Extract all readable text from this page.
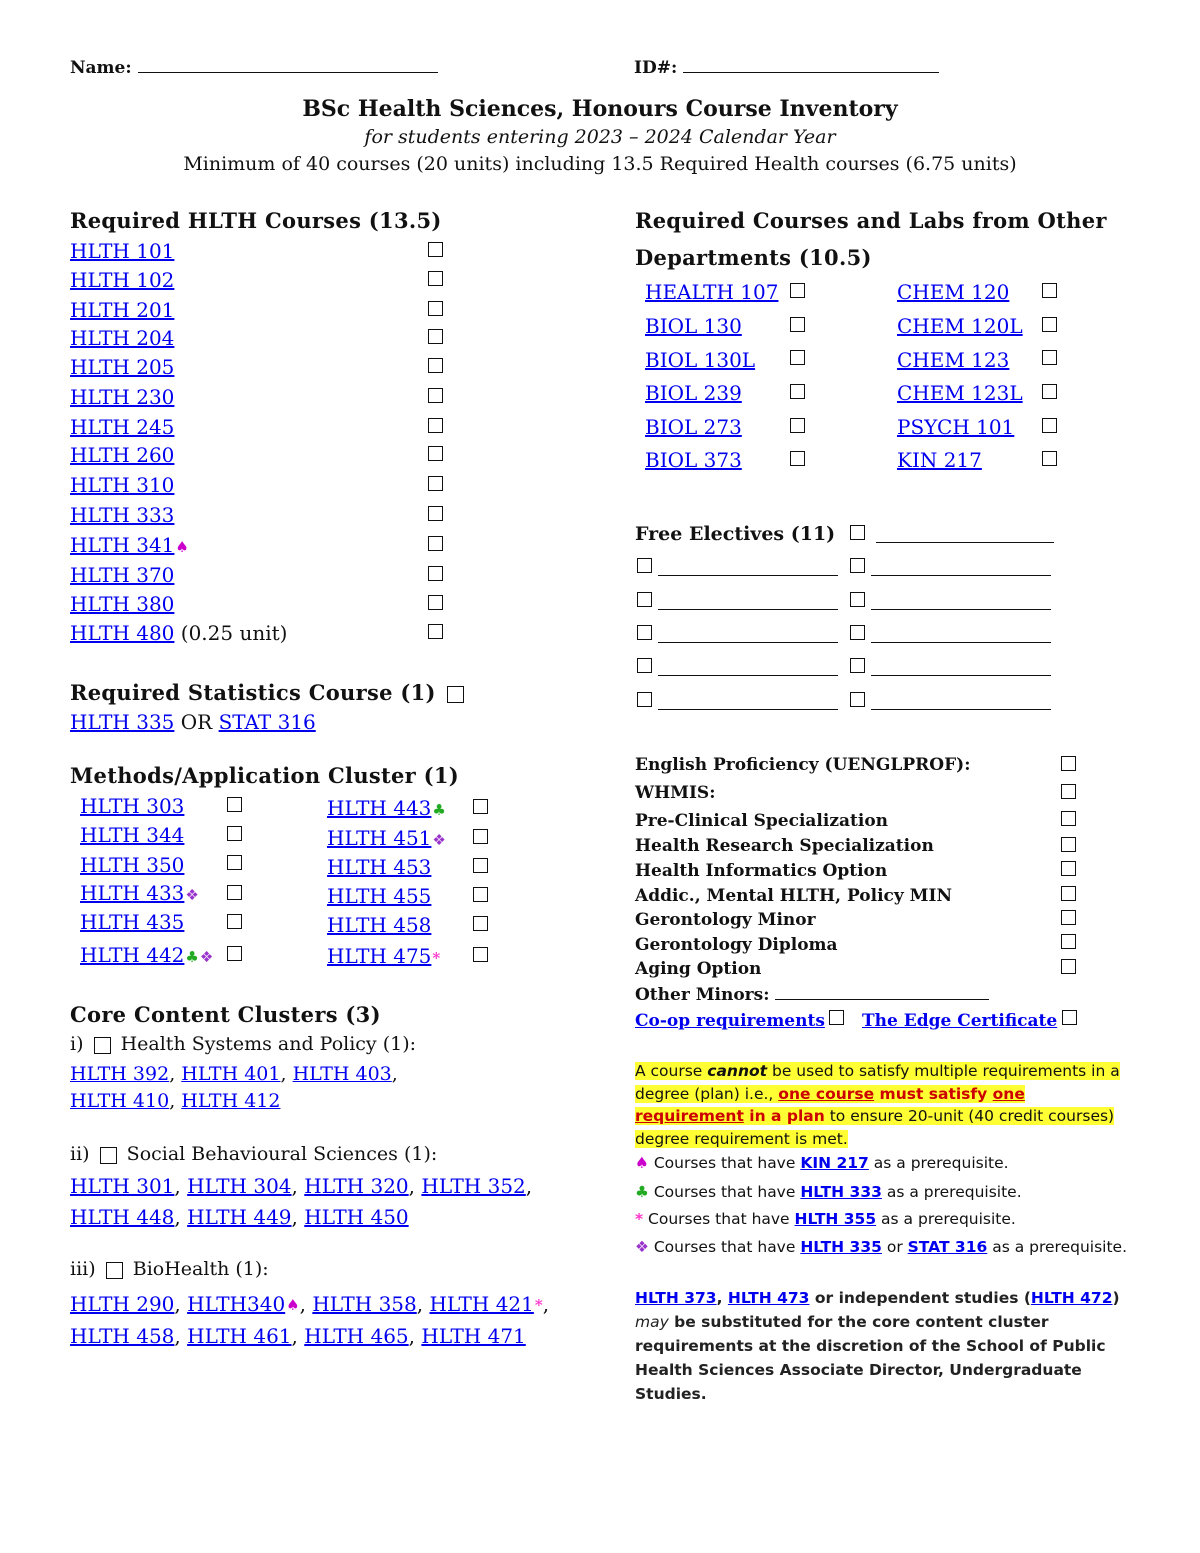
Name:	ID#:
BSc Health Sciences, Honours Course Inventory
for students entering 2023 – 2024 Calendar Year
Minimum of 40 courses (20 units) including 13.5 Required Health courses (6.75 units)
Required HLTH Courses (13.5)
HLTH 101
HLTH 102
HLTH 201
HLTH 204
HLTH 205
HLTH 230
HLTH 245
HLTH 260
HLTH 310
HLTH 333
HLTH 341♠
HLTH 370
HLTH 380
HLTH 480 (0.25 unit)
Required Statistics Course (1)
HLTH 335 OR STAT 316
Methods/Application Cluster (1)
HLTH 303
HLTH 344
HLTH 350
HLTH 433❖
HLTH 435
HLTH 442♣❖
HLTH 443♣
HLTH 451❖
HLTH 453
HLTH 455
HLTH 458
HLTH 475*
Core Content Clusters (3)
i) Health Systems and Policy (1):
HLTH 392, HLTH 401, HLTH 403,
HLTH 410, HLTH 412
ii) Social Behavioural Sciences (1):
HLTH 301, HLTH 304, HLTH 320, HLTH 352,
HLTH 448, HLTH 449, HLTH 450
iii) BioHealth (1):
HLTH 290, HLTH340♠, HLTH 358, HLTH 421*,
HLTH 458, HLTH 461, HLTH 465, HLTH 471
Required Courses and Labs from Other
Departments (10.5)
HEALTH 107
BIOL 130
BIOL 130L
BIOL 239
BIOL 273
BIOL 373
CHEM 120
CHEM 120L
CHEM 123
CHEM 123L
PSYCH 101
KIN 217
Free Electives (11)
English Proficiency (UENGLPROF):
WHMIS:
Pre-Clinical Specialization
Health Research Specialization
Health Informatics Option
Addic., Mental HLTH, Policy MIN
Gerontology Minor
Gerontology Diploma
Aging Option
Other Minors:
Co-op requirements The Edge Certificate
A course cannot be used to satisfy multiple requirements in a degree (plan) i.e., one course must satisfy one requirement in a plan to ensure 20-unit (40 credit courses) degree requirement is met.
♠ Courses that have KIN 217 as a prerequisite.
♣ Courses that have HLTH 333 as a prerequisite.
* Courses that have HLTH 355 as a prerequisite.
❖ Courses that have HLTH 335 or STAT 316 as a prerequisite.
HLTH 373, HLTH 473 or independent studies (HLTH 472) may be substituted for the core content cluster requirements at the discretion of the School of Public Health Sciences Associate Director, Undergraduate Studies.
